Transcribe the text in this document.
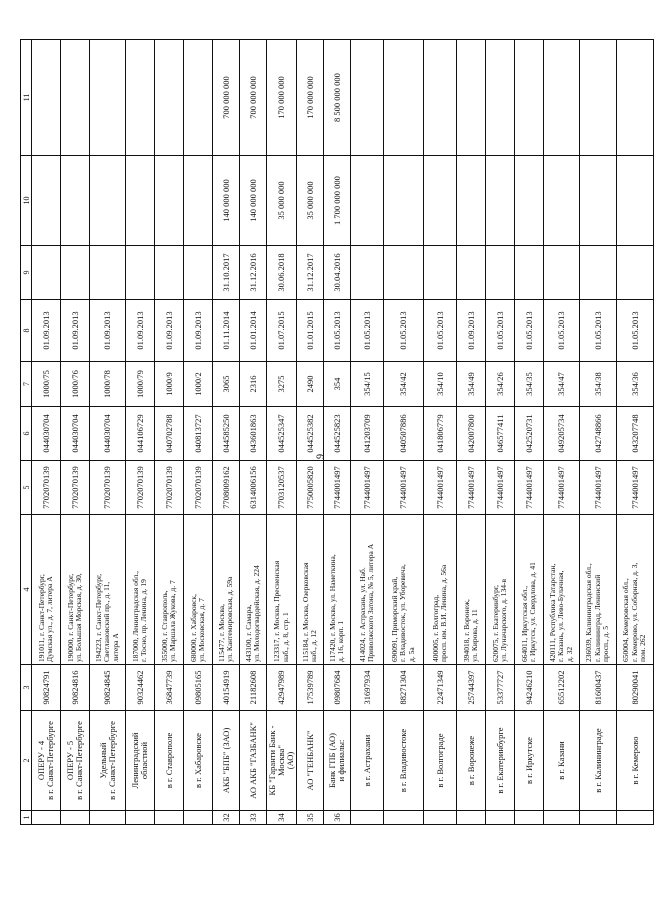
9
1	2	3	4	5	6	7	8	9	10	11
	ОПЕРУ - 4
в г. Санкт-Петербурге	90824791	191011, г. Санкт-Петербург,
Думская ул., д. 7, литера А	7702070139	044030704	1000/75	01.09.2013			
	ОПЕРУ - 5
в г. Санкт-Петербурге	90824816	190000, г. Санкт-Петербург,
ул. Большая Морская, д. 30,	7702070139	044030704	1000/76	01.09.2013			
	Удельный
в г. Санкт-Петербурге	90824845	194223, г. Санкт-Петербург,
Светлановский пр., д. 11,
литера А	7702070139	044030704	1000/78	01.09.2013			
	Ленинградский областной	90324462	187000, Ленинградская обл.,
г. Тосно, пр. Ленина, д. 19	7702070139	044106729	1000/79	01.09.2013			
	в г. Ставрополе	36847739	355000, г. Ставрополь,
ул. Маршала Жукова, д. 7	7702070139	040702788	1000/9	01.09.2013			
	в г. Хабаровске	09805165	680000, г. Хабаровск,
ул. Московская, д. 7	7702070139	040813727	1000/2	01.09.2013			
32	АКБ "БПБ" (ЗАО)	40154919	115477, г. Москва,
ул. Кантемировская, д. 59а	7708009162	044585250	3065	01.11.2014	31.10.2017	140 000 000	700 000 000
33	АО АКБ "ГАЗБАНК"	21182608	443100, г. Самара,
ул. Молодогвардейская, д. 224	6314006156	043601863	2316	01.01.2014	31.12.2016	140 000 000	700 000 000
34	КБ "Гаранти Банк - Москва"
(АО)	42947989	123317, г. Москва, Пресненская
наб., д. 8, стр. 1	7703120537	044525347	3275	01.07.2015	30.06.2018	35 000 000	170 000 000
35	АО "ГЕНБАНК"	17539789	115184, г. Москва, Озерковская
наб., д. 12	7750005820	044525382	2490	01.01.2015	31.12.2017	35 000 000	170 000 000
36	Банк ГПБ (АО)
и филиалы:	09807684	117420, г. Москва, ул. Наметкина,
д. 16, корп. 1	7744001497	044525823	354	01.05.2013	30.04.2016	1 700 000 000	8 500 000 000
	в г. Астрахани	31697934	414024, г. Астрахань, ул. Наб.
Приволжского Затона, № 5, литера А	7744001497	041203709	354/15	01.05.2013			
	в г. Владивостоке	88271304	690091, Приморский край,
г. Владивосток, ул. Уборевича,
д. 5а	7744001497	040507886	354/42	01.05.2013			
	в г. Волгограде	22471349	400005, г. Волгоград,
просп. им. В.И. Ленина, д. 56а	7744001497	041806779	354/10	01.05.2013			
	в г. Воронеже	25744397	394018, г. Воронеж,
ул. Кирова, д. 11	7744001497	042007800	354/49	01.09.2013			
	в г. Екатеринбурге	53377727	620075, г. Екатеринбург,
ул. Луначарского, д. 134-в	7744001497	046577411	354/26	01.05.2013			
	в г. Иркутске	94246210	664011, Иркутская обл.,
г. Иркутск, ул. Свердлова, д. 41	7744001497	042520731	354/35	01.05.2013			
	в г. Казани	65512202	420111, Республика Татарстан,
г. Казань, ул. Лево-Булачная,
д. 32	7744001497	049205734	354/47	01.05.2013			
	в г. Калининграде	81600437	236039, Калининградская обл.,
г. Калининград, Ленинский
просп., д. 5	7744001497	042748866	354/38	01.05.2013			
	в г. Кемерово	80290041	650004, Кемеровская обл.,
г. Кемерово, ул. Соборная, д. 3,
пом. 262	7744001497	043207748	354/36	01.05.2013			
